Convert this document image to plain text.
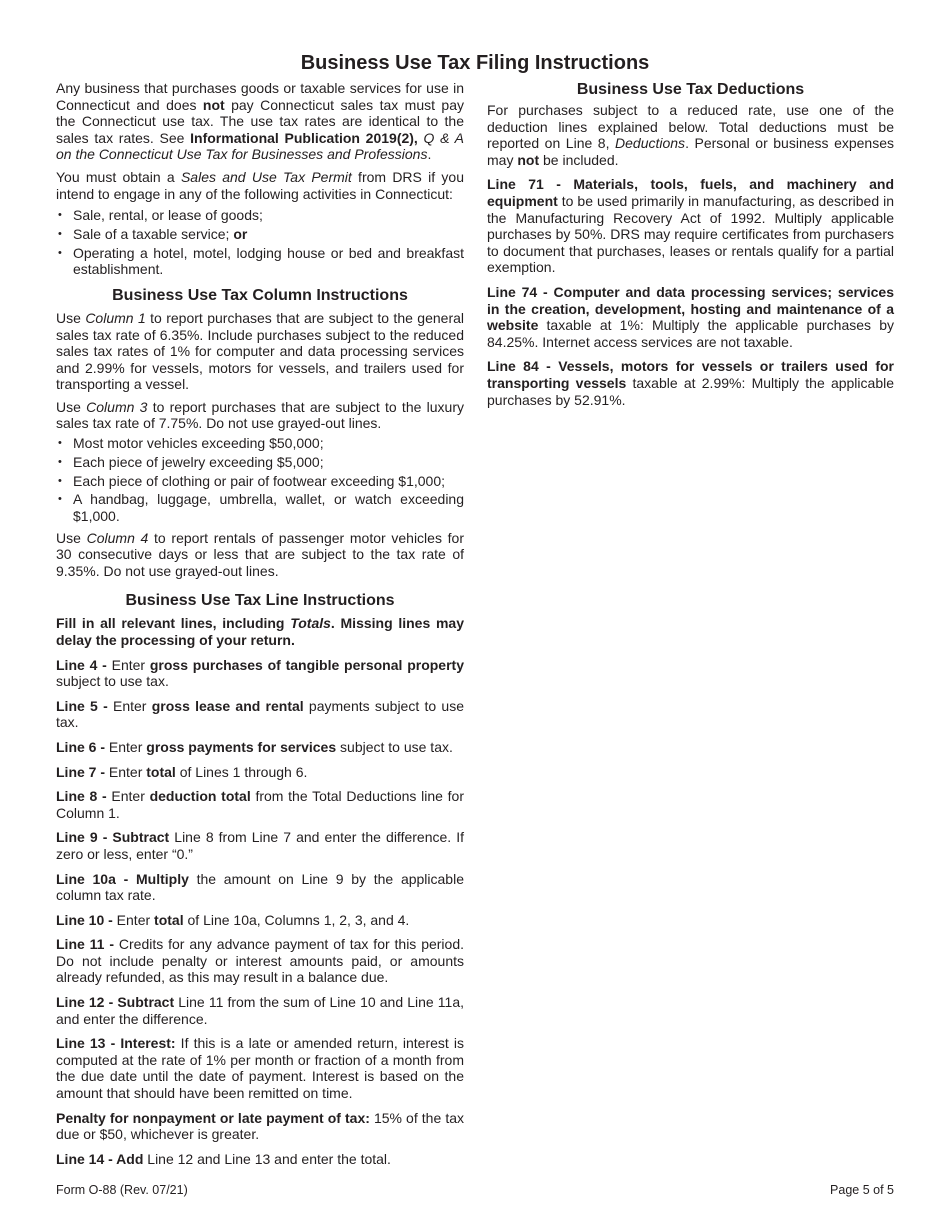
Business Use Tax Filing Instructions

Any business that purchases goods or taxable services for use in Connecticut and does not pay Connecticut sales tax must pay the Connecticut use tax. The use tax rates are identical to the sales tax rates. See Informational Publication 2019(2), Q & A on the Connecticut Use Tax for Businesses and Professions.

You must obtain a Sales and Use Tax Permit from DRS if you intend to engage in any of the following activities in Connecticut:

• Sale, rental, or lease of goods;
• Sale of a taxable service; or
• Operating a hotel, motel, lodging house or bed and breakfast establishment.
Business Use Tax Column Instructions

Use Column 1 to report purchases that are subject to the general sales tax rate of 6.35%. Include purchases subject to the reduced sales tax rates of 1% for computer and data processing services and 2.99% for vessels, motors for vessels, and trailers used for transporting a vessel.

Use Column 3 to report purchases that are subject to the luxury sales tax rate of 7.75%. Do not use grayed-out lines.

• Most motor vehicles exceeding $50,000;
• Each piece of jewelry exceeding $5,000;
• Each piece of clothing or pair of footwear exceeding $1,000;
• A handbag, luggage, umbrella, wallet, or watch exceeding $1,000.

Use Column 4 to report rentals of passenger motor vehicles for 30 consecutive days or less that are subject to the tax rate of 9.35%. Do not use grayed-out lines.

Business Use Tax Line Instructions

Fill in all relevant lines, including Totals. Missing lines may delay the processing of your return.

Line 4 - Enter gross purchases of tangible personal property subject to use tax.

Line 5 - Enter gross lease and rental payments subject to use tax.

Line 6 - Enter gross payments for services subject to use tax.

Line 7 - Enter total of Lines 1 through 6.

Line 8 - Enter deduction total from the Total Deductions line for Column 1.

Line 9 - Subtract Line 8 from Line 7 and enter the difference. If zero or less, enter “0.”

Line 10a - Multiply the amount on Line 9 by the applicable column tax rate.

Line 10 - Enter total of Line 10a, Columns 1, 2, 3, and 4.

Line 11 - Credits for any advance payment of tax for this period. Do not include penalty or interest amounts paid, or amounts already refunded, as this may result in a balance due.

Line 12 - Subtract Line 11 from the sum of Line 10 and Line 11a, and enter the difference.

Line 13 - Interest: If this is a late or amended return, interest is computed at the rate of 1% per month or fraction of a month from the due date until the date of payment. Interest is based on the amount that should have been remitted on time.

Penalty for nonpayment or late payment of tax: 15% of the tax due or $50, whichever is greater.

Line 14 - Add Line 12 and Line 13 and enter the total.

Business Use Tax Deductions

For purchases subject to a reduced rate, use one of the deduction lines explained below. Total deductions must be reported on Line 8, Deductions. Personal or business expenses may not be included.

Line 71 - Materials, tools, fuels, and machinery and equipment to be used primarily in manufacturing, as described in the Manufacturing Recovery Act of 1992. Multiply applicable purchases by 50%. DRS may require certificates from purchasers to document that purchases, leases or rentals qualify for a partial exemption.

Line 74 - Computer and data processing services; services in the creation, development, hosting and maintenance of a website taxable at 1%: Multiply the applicable purchases by 84.25%. Internet access services are not taxable.

Line 84 - Vessels, motors for vessels or trailers used for transporting vessels taxable at 2.99%: Multiply the applicable purchases by 52.91%.

Form O-88 (Rev. 07/21)	Page 5 of 5
